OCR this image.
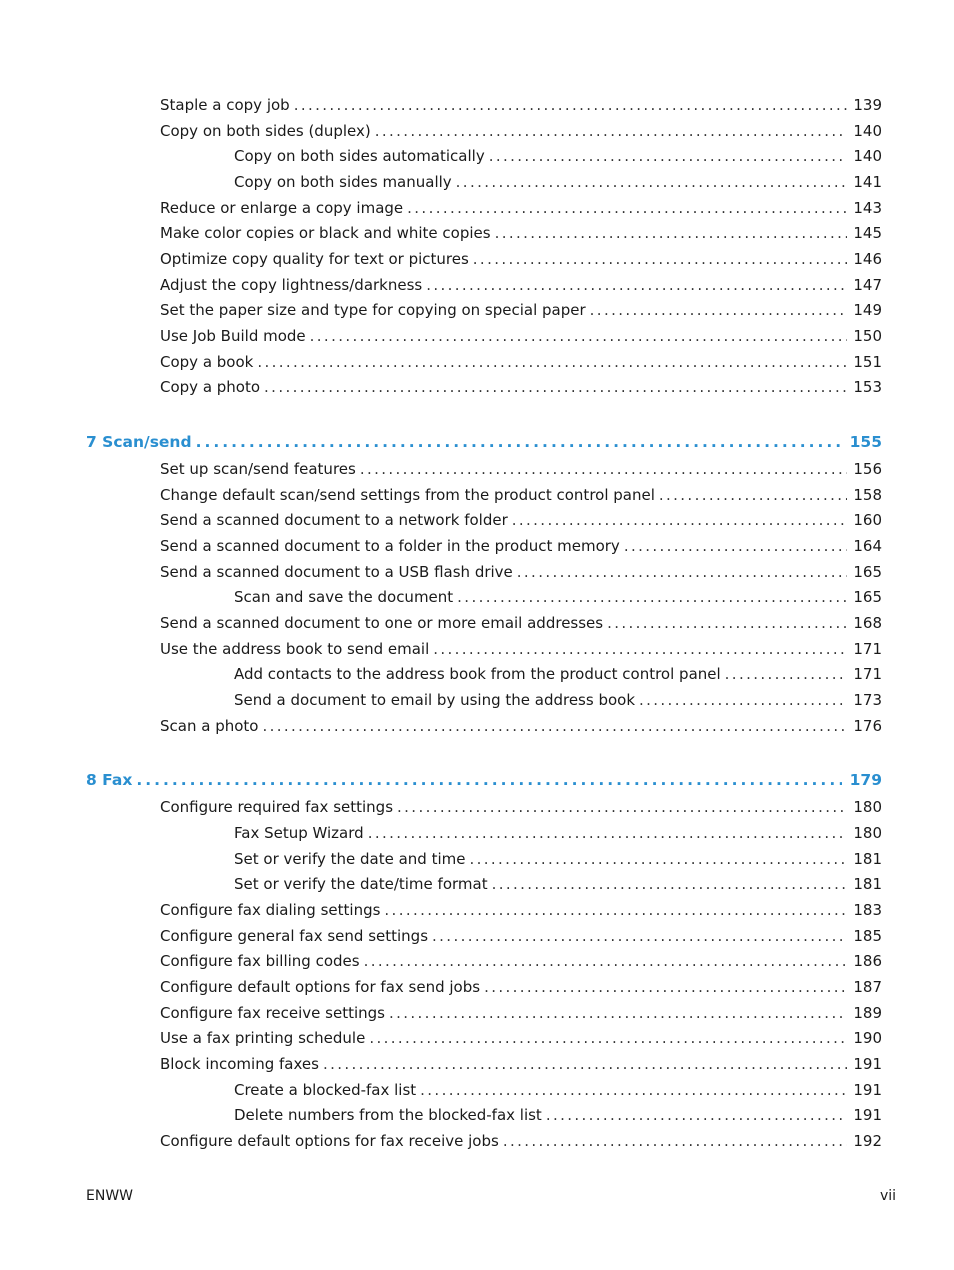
Staple a copy job . . .	139
Copy on both sides (duplex) . . .	140
Copy on both sides automatically . . .	140
Copy on both sides manually . . .	141
Reduce or enlarge a copy image . . .	143
Make color copies or black and white copies . . .	145
Optimize copy quality for text or pictures . . .	146
Adjust the copy lightness/darkness . . .	147
Set the paper size and type for copying on special paper . . .	149
Use Job Build mode . . .	150
Copy a book . . .	151
Copy a photo . . .	153
7 Scan/send . . .	155
Set up scan/send features . . .	156
Change default scan/send settings from the product control panel . . .	158
Send a scanned document to a network folder . . .	160
Send a scanned document to a folder in the product memory . . .	164
Send a scanned document to a USB flash drive . . .	165
Scan and save the document . . .	165
Send a scanned document to one or more email addresses . . .	168
Use the address book to send email . . .	171
Add contacts to the address book from the product control panel . . .	171
Send a document to email by using the address book . . .	173
Scan a photo . . .	176
8 Fax . . .	179
Configure required fax settings . . .	180
Fax Setup Wizard . . .	180
Set or verify the date and time . . .	181
Set or verify the date/time format . . .	181
Configure fax dialing settings . . .	183
Configure general fax send settings . . .	185
Configure fax billing codes . . .	186
Configure default options for fax send jobs . . .	187
Configure fax receive settings . . .	189
Use a fax printing schedule . . .	190
Block incoming faxes . . .	191
Create a blocked-fax list . . .	191
Delete numbers from the blocked-fax list . . .	191
Configure default options for fax receive jobs . . .	192
ENWW	vii
